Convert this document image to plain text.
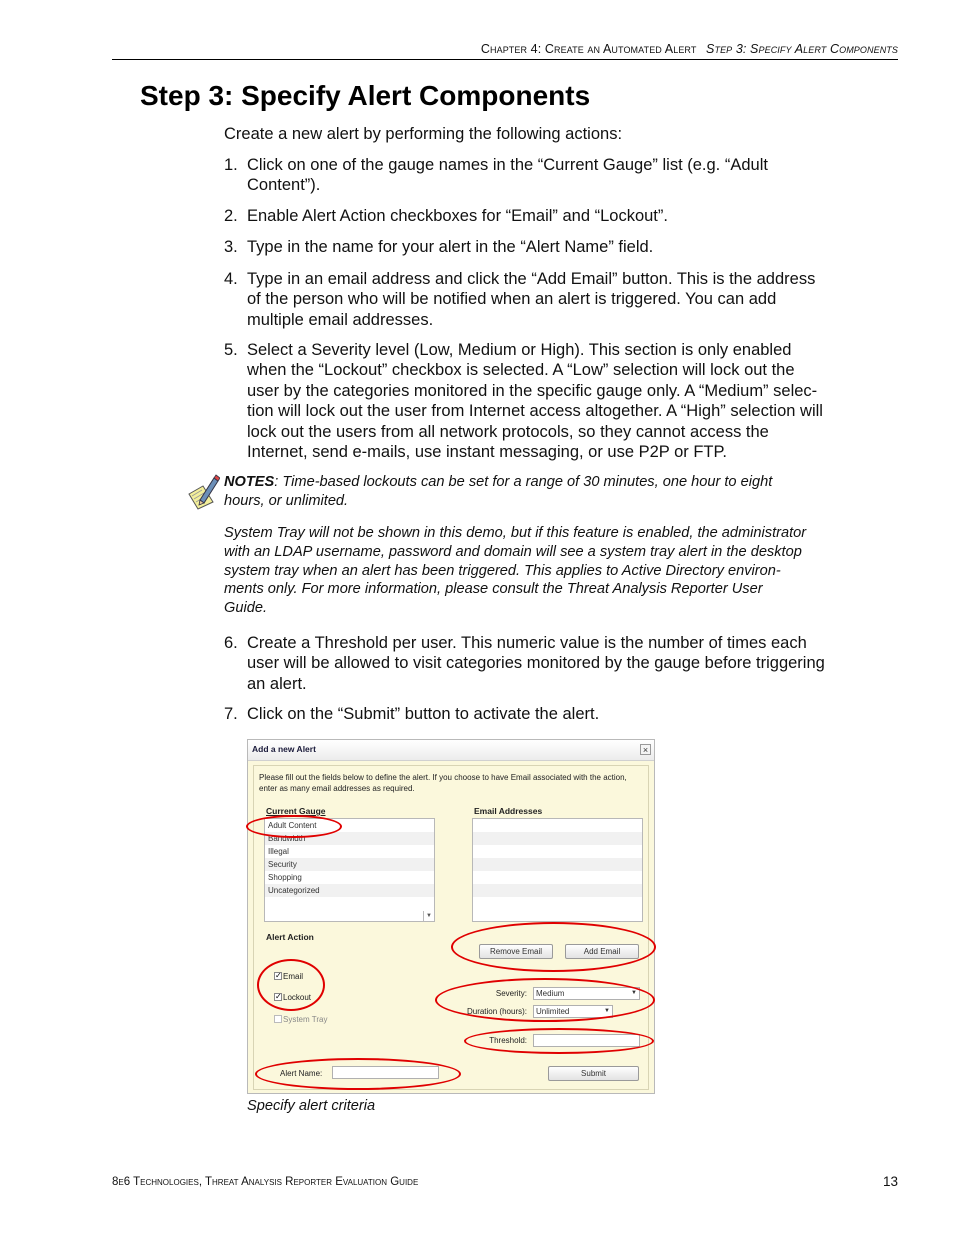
Chapter 4: Create an Automated Alert Step 3: Specify Alert Components
Step 3: Specify Alert Components
Create a new alert by performing the following actions:
1. Click on one of the gauge names in the “Current Gauge” list (e.g. “Adult
Content”).
2. Enable Alert Action checkboxes for “Email” and “Lockout”.
3. Type in the name for your alert in the “Alert Name” field.
4. Type in an email address and click the “Add Email” button. This is the address
of the person who will be notified when an alert is triggered. You can add
multiple email addresses.
5. Select a Severity level (Low, Medium or High). This section is only enabled
when the “Lockout” checkbox is selected. A “Low” selection will lock out the
user by the categories monitored in the specific gauge only. A “Medium” selec-
tion will lock out the user from Internet access altogether. A “High” selection will
lock out the users from all network protocols, so they cannot access the
Internet, send e-mails, use instant messaging, or use P2P or FTP.
NOTES: Time-based lockouts can be set for a range of 30 minutes, one hour to eight
hours, or unlimited.
System Tray will not be shown in this demo, but if this feature is enabled, the administrator
with an LDAP username, password and domain will see a system tray alert in the desktop
system tray when an alert has been triggered. This applies to Active Directory environ-
ments only. For more information, please consult the Threat Analysis Reporter User
Guide.
6. Create a Threshold per user. This numeric value is the number of times each
user will be allowed to visit categories monitored by the gauge before triggering
an alert.
7. Click on the “Submit” button to activate the alert.
Add a new Alert	×
Please fill out the fields below to define the alert. If you choose to have Email associated with the action,
enter as many email addresses as required.
Current Gauge
Adult Content
Bandwidth
Illegal
Security
Shopping
Uncategorized
▼
Email Addresses
Alert Action
Remove Email	Add Email
✓ Email
✓ Lockout
System Tray
Severity:	Medium	▼
Duration (hours):	Unlimited	▼
Threshold:
Alert Name:	Submit
Specify alert criteria
8e6 Technologies, Threat Analysis Reporter Evaluation Guide	13
